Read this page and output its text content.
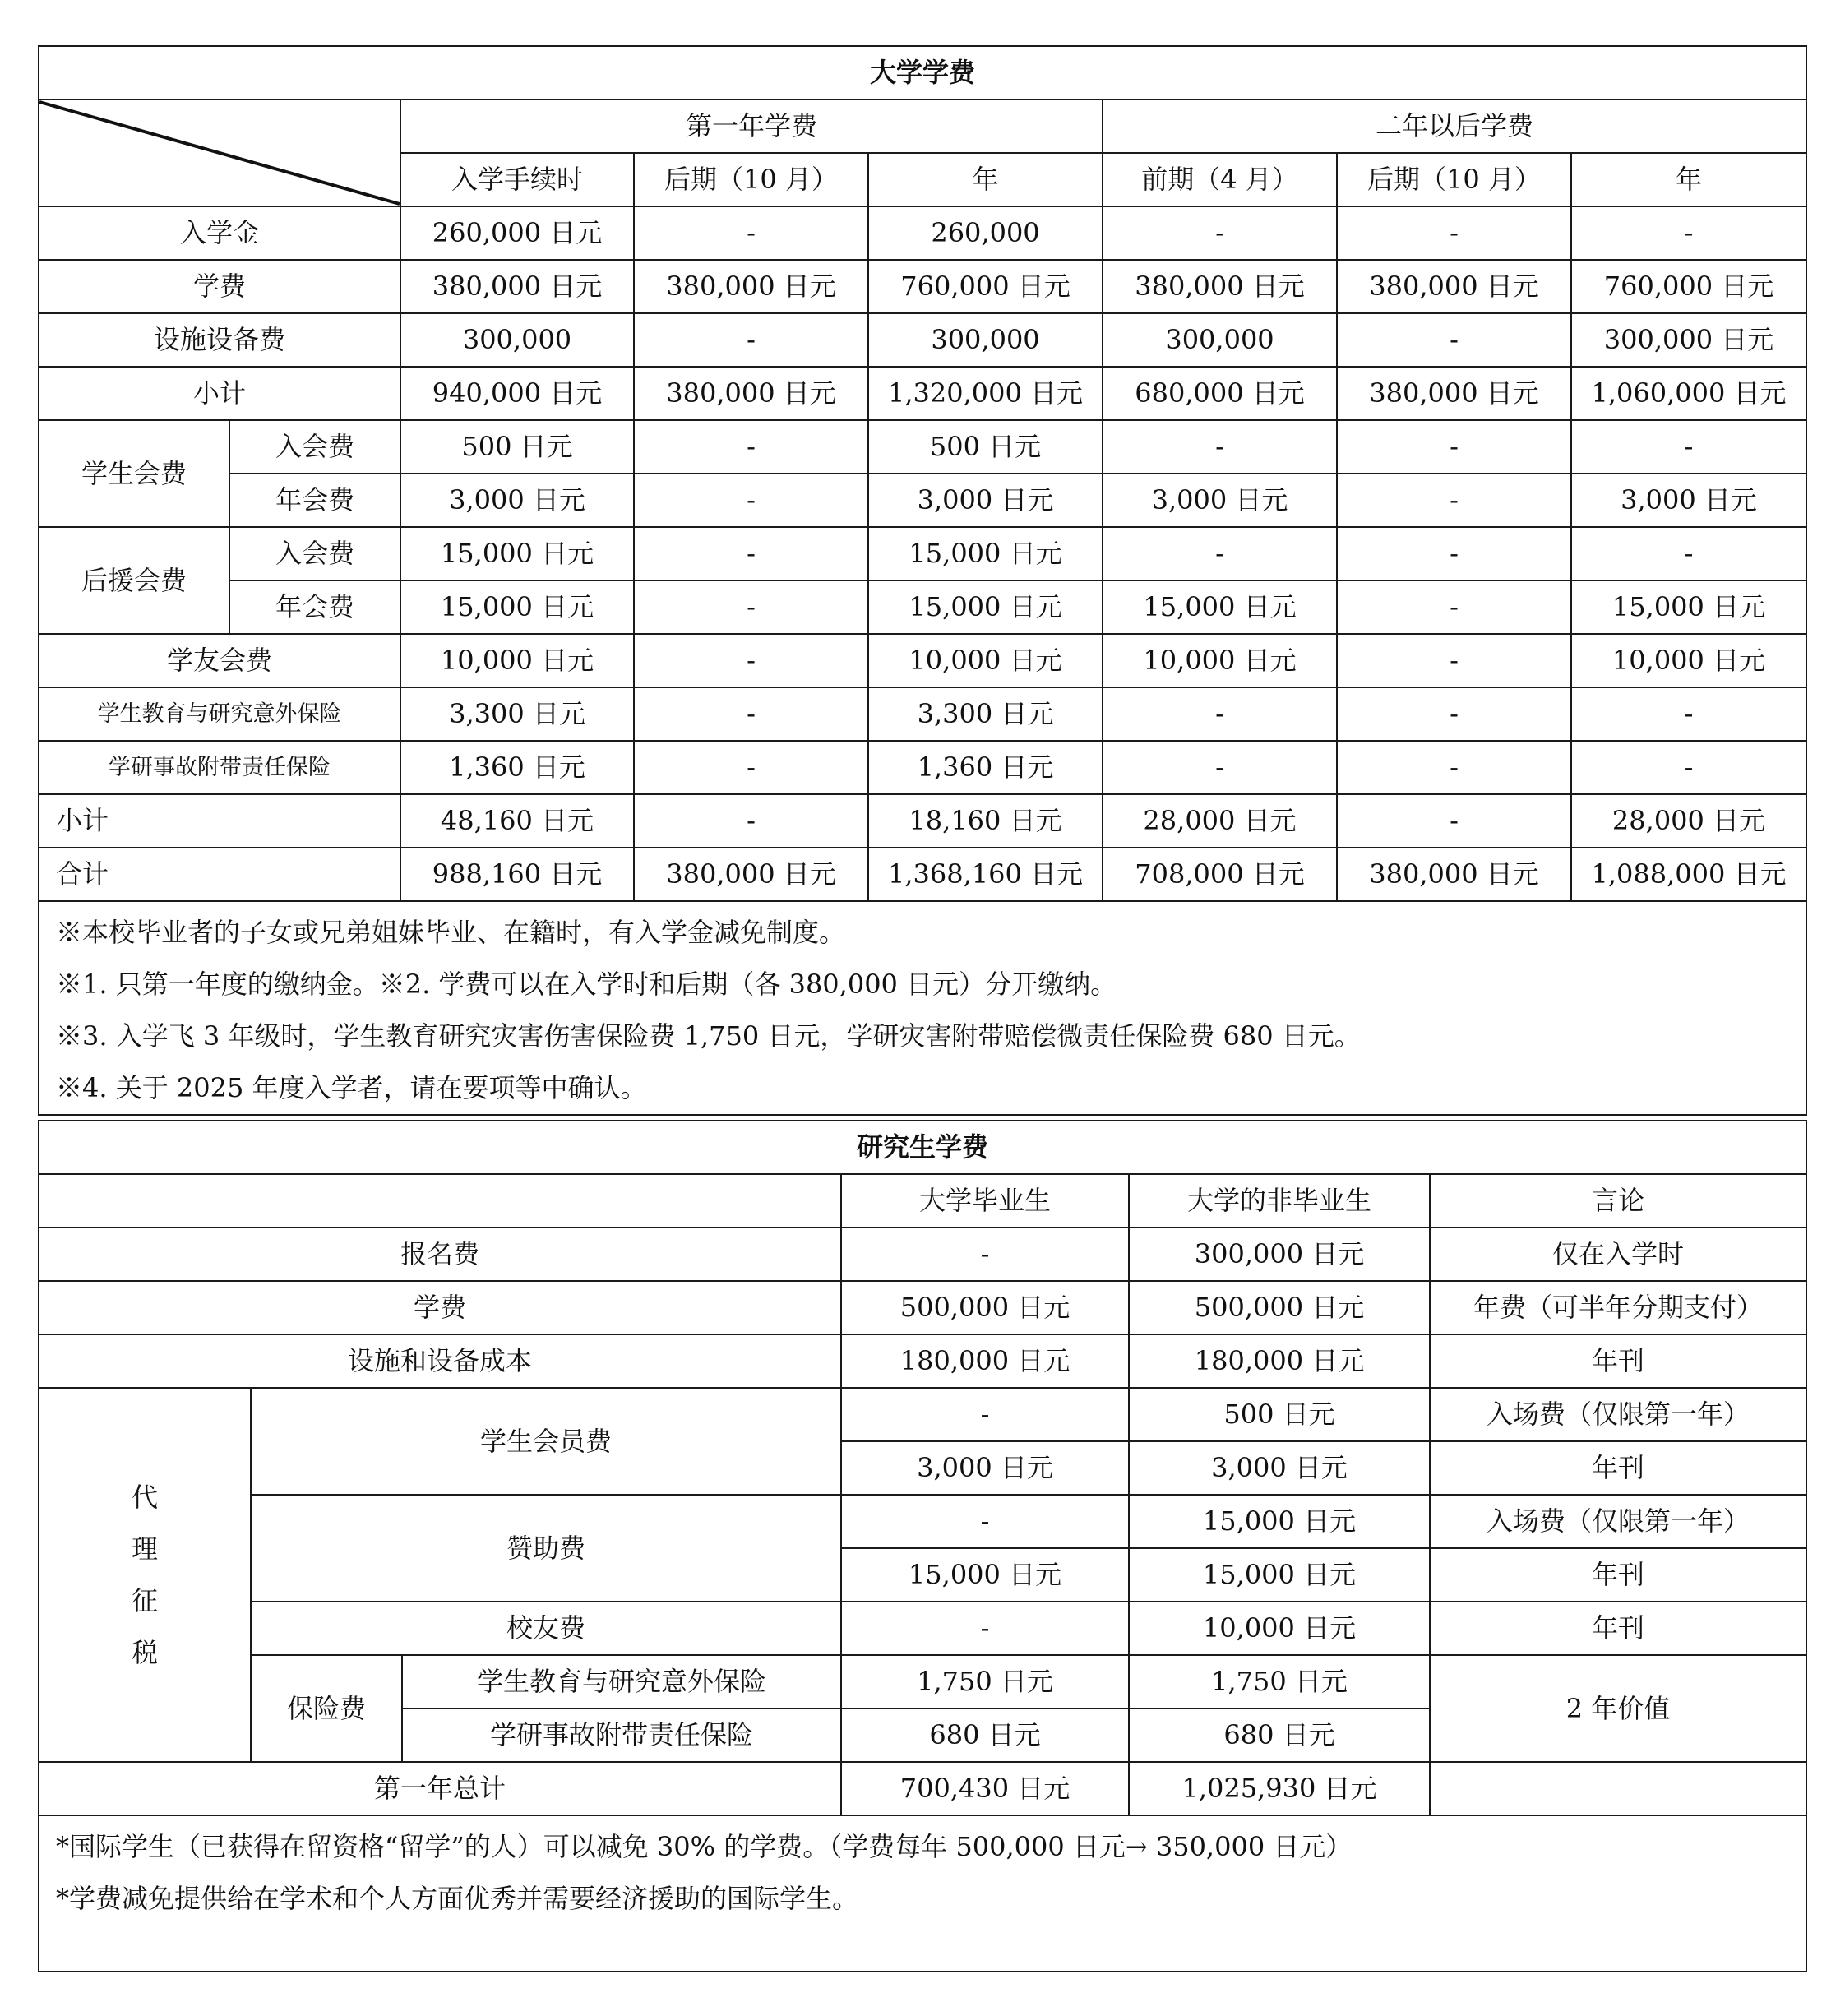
大学学费							

	第一年学费			二年以后学费		
		入学手续时	后期（10 月）	年	前期（4 月）	后期（10 月）	年
入学金		260,000 日元	-	260,000	-	-	-
学费		380,000 日元	380,000 日元	760,000 日元	380,000 日元	380,000 日元	760,000 日元
设施设备费		300,000	-	300,000	300,000	-	300,000 日元
小计		940,000 日元	380,000 日元	1,320,000 日元	680,000 日元	380,000 日元	1,060,000 日元
学生会费	入会费	500 日元	-	500 日元	-	-	-
	年会费	3,000 日元	-	3,000 日元	3,000 日元	-	3,000 日元
后援会费	入会费	15,000 日元	-	15,000 日元	-	-	-
	年会费	15,000 日元	-	15,000 日元	15,000 日元	-	15,000 日元
学友会费		10,000 日元	-	10,000 日元	10,000 日元	-	10,000 日元
学生教育与研究意外保险		3,300 日元	-	3,300 日元	-	-	-
学研事故附带责任保险		1,360 日元	-	1,360 日元	-	-	-
小计		48,160 日元	-	18,160 日元	28,000 日元	-	28,000 日元
合计		988,160 日元	380,000 日元	1,368,160 日元	708,000 日元	380,000 日元	1,088,000 日元

※本校毕业者的子女或兄弟姐妹毕业、在籍时，有入学金减免制度。
※1. 只第一年度的缴纳金。※2. 学费可以在入学时和后期（各 380,000 日元）分开缴纳。
※3. 入学飞 3 年级时，学生教育研究灾害伤害保险费 1,750 日元，学研灾害附带赔偿微责任保险费 680 日元。
※4. 关于 2025 年度入学者，请在要项等中确认。							
研究生学费					
			大学毕业生	大学的非毕业生	言论
报名费			-	300,000 日元	仅在入学时
学费			500,000 日元	500,000 日元	年费（可半年分期支付）
设施和设备成本			180,000 日元	180,000 日元	年刊

代
理
征
税	学生会员费		-	500 日元	入场费（仅限第一年）
			3,000 日元	3,000 日元	年刊
	赞助费		-	15,000 日元	入场费（仅限第一年）
			15,000 日元	15,000 日元	年刊
	校友费		-	10,000 日元	年刊
	保险费	学生教育与研究意外保险	1,750 日元	1,750 日元	2 年价值
		学研事故附带责任保险	680 日元	680 日元	
第一年总计			700,430 日元	1,025,930 日元	

*国际学生（已获得在留资格“留学”的人）可以减免 30% 的学费。（学费每年 500,000 日元→ 350,000 日元）
*学费减免提供给在学术和个人方面优秀并需要经济援助的国际学生。					
